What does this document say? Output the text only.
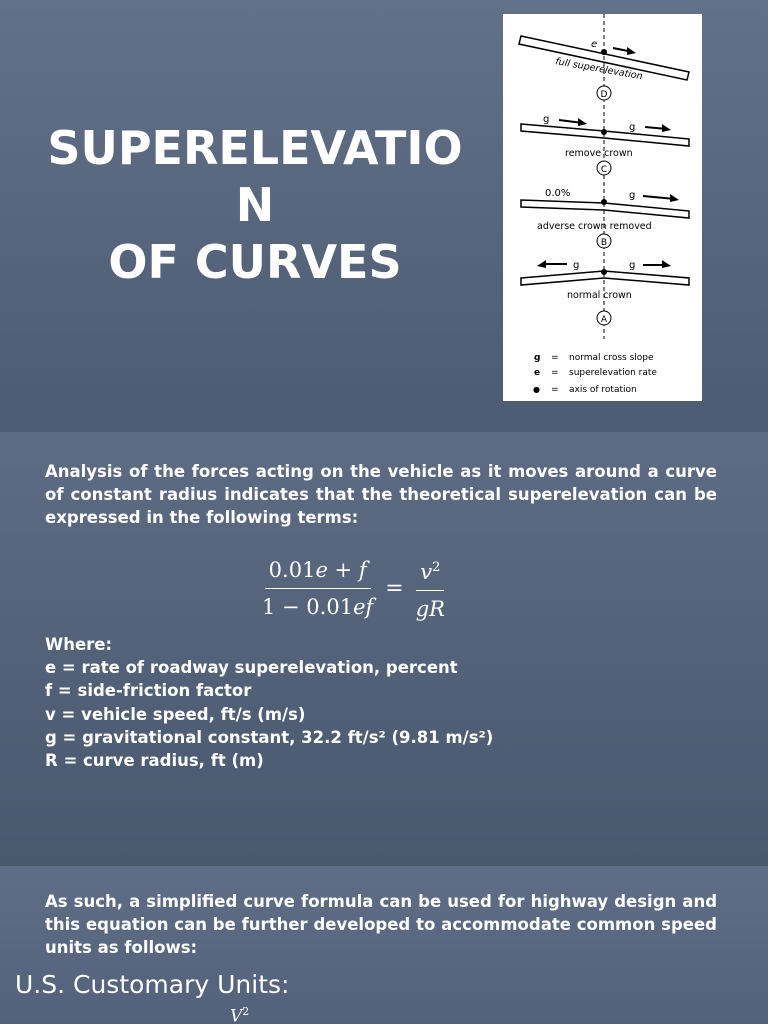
SUPERELEVATIO
N
OF CURVES
e
full superelevation
D
g
g
remove crown
C
0.0%	g
adverse crown removed
B
g	g
normal crown
A
g = normal cross slope
e = superelevation rate
● = axis of rotation

Analysis of the forces acting on the vehicle as it moves around a curve of constant radius indicates that the theoretical superelevation can be expressed in the following terms:

$\frac{0.01e + f}{1 - 0.01ef} = \frac{v^2}{gR}$
Where:
e = rate of roadway superelevation, percent
f = side-friction factor
v = vehicle speed, ft/s (m/s)
g = gravitational constant, 32.2 ft/s² (9.81 m/s²)
R = curve radius, ft (m)

As such, a simplified curve formula can be used for highway design and this equation can be further developed to accommodate common speed units as follows:

U.S. Customary Units:
$V^2$
